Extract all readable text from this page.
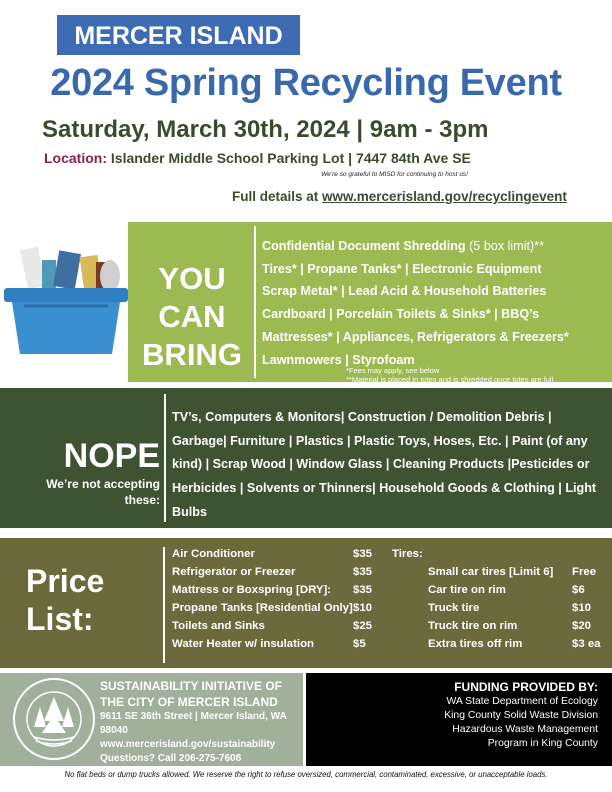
MERCER ISLAND
2024 Spring Recycling Event
Saturday, March 30th, 2024 | 9am - 3pm
Location: Islander Middle School Parking Lot | 7447 84th Ave SE
We’re so grateful to MISD for continuing to host us!
Full details at www.mercerisland.gov/recyclingevent
YOU
CAN
BRING
Confidential Document Shredding (5 box limit)**
Tires* | Propane Tanks* | Electronic Equipment
Scrap Metal* | Lead Acid & Household Batteries
Cardboard | Porcelain Toilets & Sinks* | BBQ’s
Mattresses* | Appliances, Refrigerators & Freezers*
Lawnmowers | Styrofoam
*Fees may apply, see below
**Material is placed in totes and is shredded once totes are full
NOPE
We’re not accepting these:
TV’s, Computers & Monitors| Construction / Demolition Debris | Garbage| Furniture | Plastics | Plastic Toys, Hoses, Etc. | Paint (of any kind) | Scrap Wood | Window Glass | Cleaning Products |Pesticides or Herbicides | Solvents or Thinners| Household Goods & Clothing | Light Bulbs
Price
List:
Air Conditioner	$35
Refrigerator or Freezer	$35
Mattress or Boxspring [DRY]: $35
Propane Tanks [Residential Only] $10
Toilets and Sinks	$25
Water Heater w/ insulation	$5
Tires:
Small car tires [Limit 6] Free
Car tire on rim	$6
Truck tire	$10
Truck tire on rim	$20
Extra tires off rim	$3 ea
SUSTAINABILITY INITIATIVE OF
THE CITY OF MERCER ISLAND
9611 SE 36th Street | Mercer Island, WA 98040
www.mercerisland.gov/sustainability
Questions? Call 206-275-7608
FUNDING PROVIDED BY:
WA State Department of Ecology
King County Solid Waste Division
Hazardous Waste Management
Program in King County
No flat beds or dump trucks allowed. We reserve the right to refuse oversized, commercial, contaminated, excessive, or unacceptable loads.
